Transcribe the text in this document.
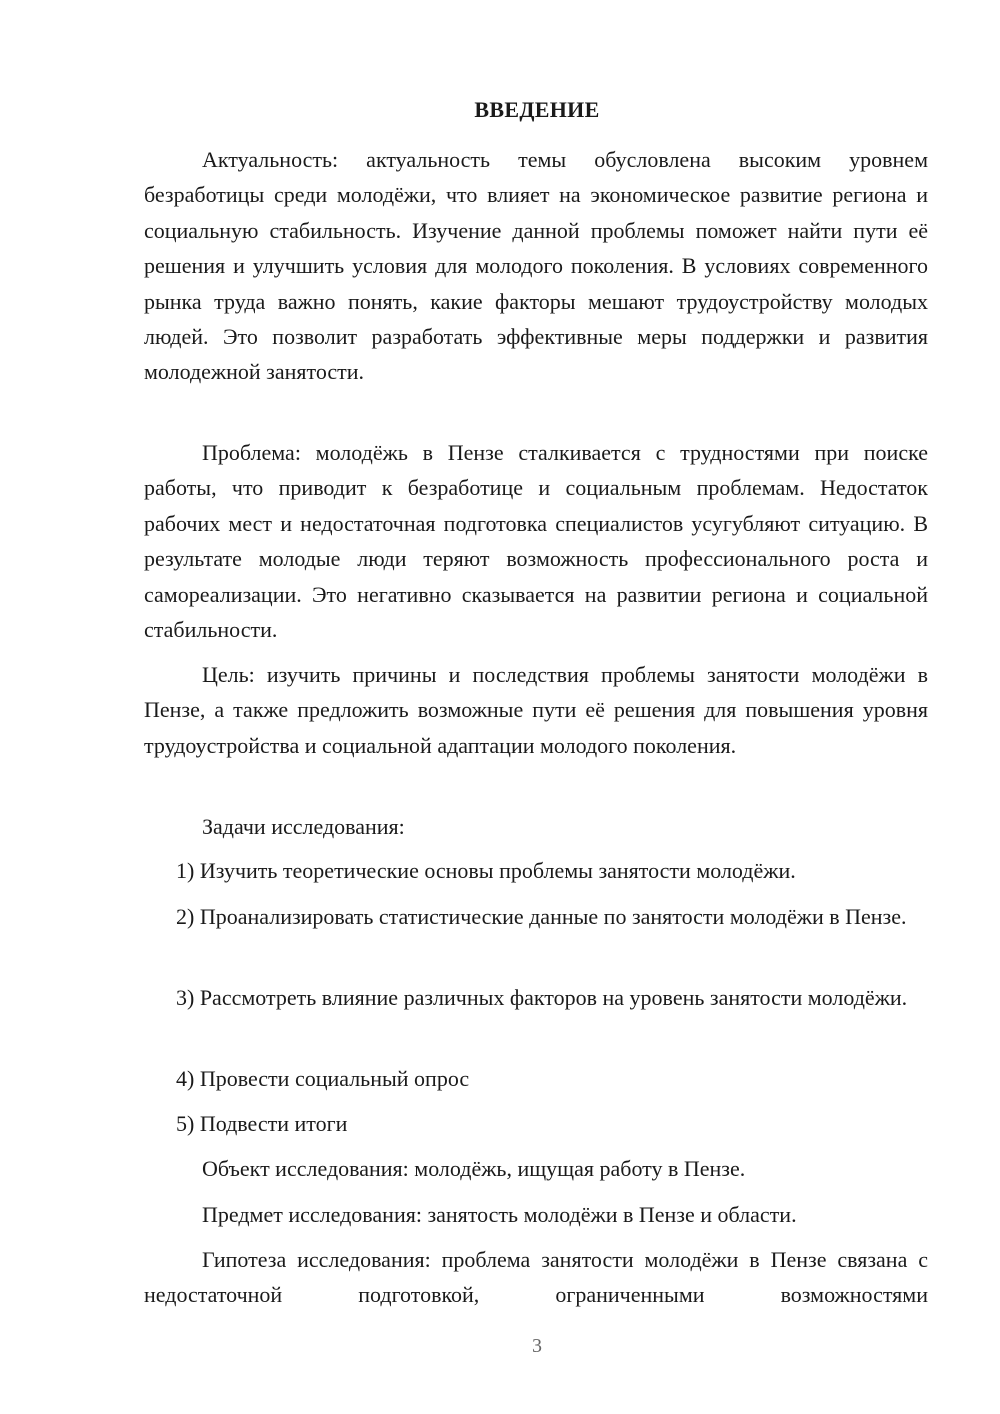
ВВЕДЕНИЕ

Актуальность: актуальность темы обусловлена высоким уровнем безработицы среди молодёжи, что влияет на экономическое развитие региона и социальную стабильность. Изучение данной проблемы поможет найти пути её решения и улучшить условия для молодого поколения. В условиях современного рынка труда важно понять, какие факторы мешают трудоустройству молодых людей. Это позволит разработать эффективные меры поддержки и развития молодежной занятости.

Проблема: молодёжь в Пензе сталкивается с трудностями при поиске работы, что приводит к безработице и социальным проблемам. Недостаток рабочих мест и недостаточная подготовка специалистов усугубляют ситуацию. В результате молодые люди теряют возможность профессионального роста и самореализации. Это негативно сказывается на развитии региона и социальной стабильности.

Цель: изучить причины и последствия проблемы занятости молодёжи в Пензе, а также предложить возможные пути её решения для повышения уровня трудоустройства и социальной адаптации молодого поколения.

Задачи исследования:

1) Изучить теоретические основы проблемы занятости молодёжи.

2) Проанализировать статистические данные по занятости молодёжи в Пензе.

3) Рассмотреть влияние различных факторов на уровень занятости молодёжи.

4) Провести социальный опрос

5) Подвести итоги

Объект исследования: молодёжь, ищущая работу в Пензе.

Предмет исследования: занятость молодёжи в Пензе и области.

Гипотеза исследования: проблема занятости молодёжи в Пензе связана с недостаточной подготовкой, ограниченными возможностями

3
